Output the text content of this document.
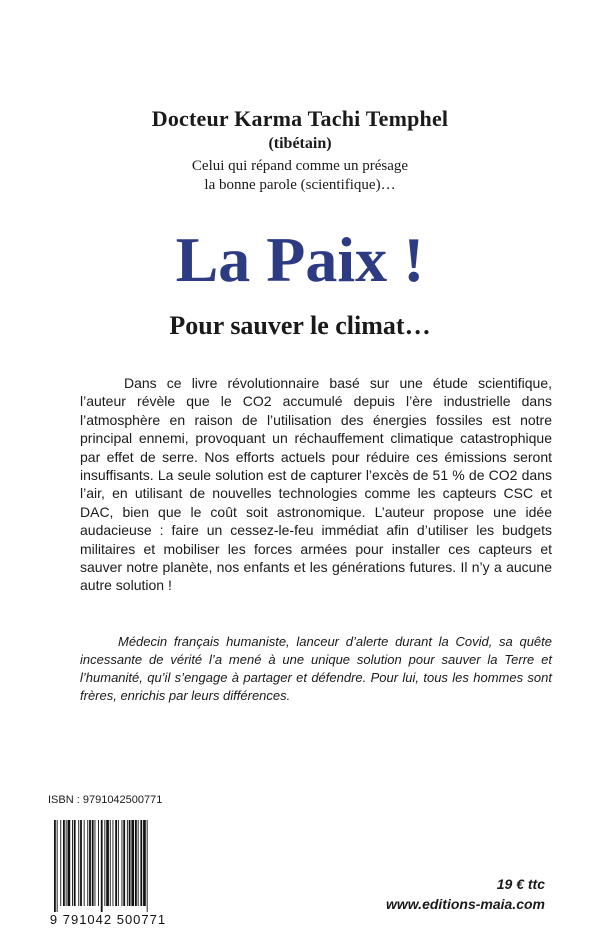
Docteur Karma Tachi Temphel
(tibétain)
Celui qui répand comme un présage
la bonne parole (scientifique)…
La Paix !
Pour sauver le climat…

Dans ce livre révolutionnaire basé sur une étude scientifique, l’auteur révèle que le CO2 accumulé depuis l’ère industrielle dans l’atmosphère en raison de l’utilisation des énergies fossiles est notre principal ennemi, provoquant un réchauffement climatique catastrophique par effet de serre. Nos efforts actuels pour réduire ces émissions seront insuffisants. La seule solution est de capturer l’excès de 51 % de CO2 dans l’air, en utilisant de nouvelles technologies comme les capteurs CSC et DAC, bien que le coût soit astronomique. L’auteur propose une idée audacieuse : faire un cessez-le-feu immédiat afin d’utiliser les budgets militaires et mobiliser les forces armées pour installer ces capteurs et sauver notre planète, nos enfants et les générations futures. Il n’y a aucune autre solution !

Médecin français humaniste, lanceur d’alerte durant la Covid, sa quête incessante de vérité l’a mené à une unique solution pour sauver la Terre et l’humanité, qu’il s’engage à partager et défendre. Pour lui, tous les hommes sont frères, enrichis par leurs différences.

ISBN : 9791042500771
9 791042 500771
19 € ttc
www.editions-maia.com
